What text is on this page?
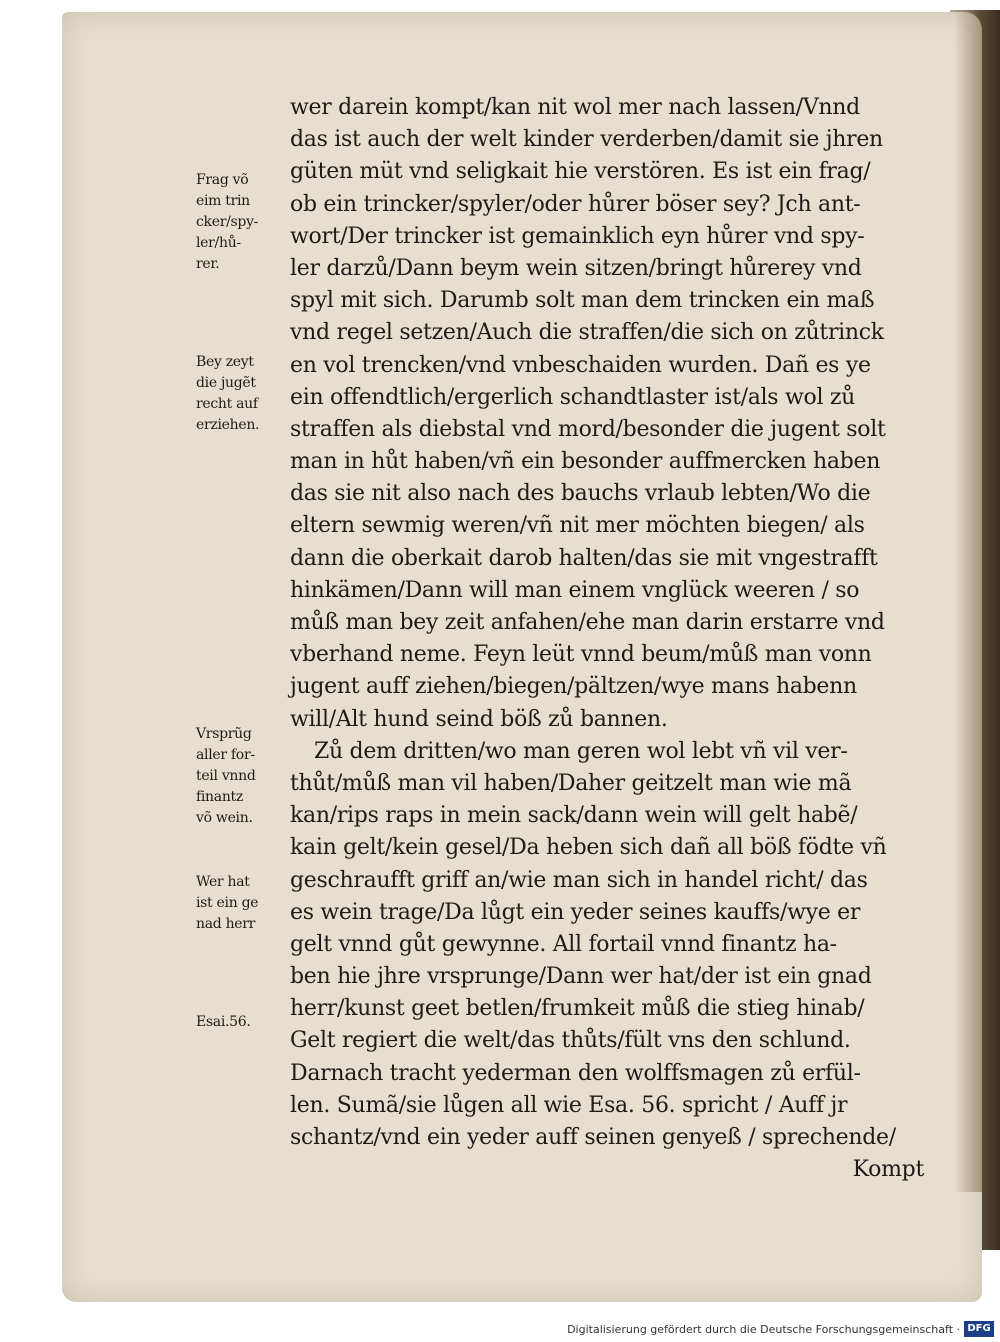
Frag võ
eim trin
cker/spy-
ler/hů-
rer.
Bey zeyt
die jugẽt
recht auf
erziehen.
Vrsprũg
aller for-
teil vnnd
finantz
võ wein.
Wer hat
ist ein ge
nad herr
Esai.56.
wer darein kompt/kan nit wol mer nach lassen/Vnnd
das ist auch der welt kinder verderben/damit sie jhren
güten müt vnd seligkait hie verstören. Es ist ein frag/
ob ein trincker/spyler/oder hůrer böser sey? Jch ant-
wort/Der trincker ist gemainklich eyn hůrer vnd spy-
ler darzů/Dann beym wein sitzen/bringt hůrerey vnd
spyl mit sich. Darumb solt man dem trincken ein maß
vnd regel setzen/Auch die straffen/die sich on zůtrinck
en vol trencken/vnd vnbeschaiden wurden. Dañ es ye
ein offendtlich/ergerlich schandtlaster ist/als wol zů
straffen als diebstal vnd mord/besonder die jugent solt
man in hůt haben/vñ ein besonder auffmercken haben
das sie nit also nach des bauchs vrlaub lebten/Wo die
eltern sewmig weren/vñ nit mer möchten biegen/ als
dann die oberkait darob halten/das sie mit vngestrafft
hinkämen/Dann will man einem vnglück weeren / so
můß man bey zeit anfahen/ehe man darin erstarre vnd
vberhand neme. Feyn leüt vnnd beum/můß man vonn
jugent auff ziehen/biegen/pältzen/wye mans habenn
will/Alt hund seind böß zů bannen.
Zů dem dritten/wo man geren wol lebt vñ vil ver-
thůt/můß man vil haben/Daher geitzelt man wie mã
kan/rips raps in mein sack/dann wein will gelt habẽ/
kain gelt/kein gesel/Da heben sich dañ all böß födte vñ
geschraufft griff an/wie man sich in handel richt/ das
es wein trage/Da lůgt ein yeder seines kauffs/wye er
gelt vnnd gůt gewynne. All fortail vnnd finantz ha-
ben hie jhre vrsprunge/Dann wer hat/der ist ein gnad
herr/kunst geet betlen/frumkeit můß die stieg hinab/
Gelt regiert die welt/das thůts/fült vns den schlund.
Darnach tracht yederman den wolffsmagen zů erfül-
len. Sumã/sie lůgen all wie Esa. 56. spricht / Auff jr
schantz/vnd ein yeder auff seinen genyeß / sprechende/
Kompt
Digitalisierung gefördert durch die Deutsche Forschungsgemeinschaft · DFG
